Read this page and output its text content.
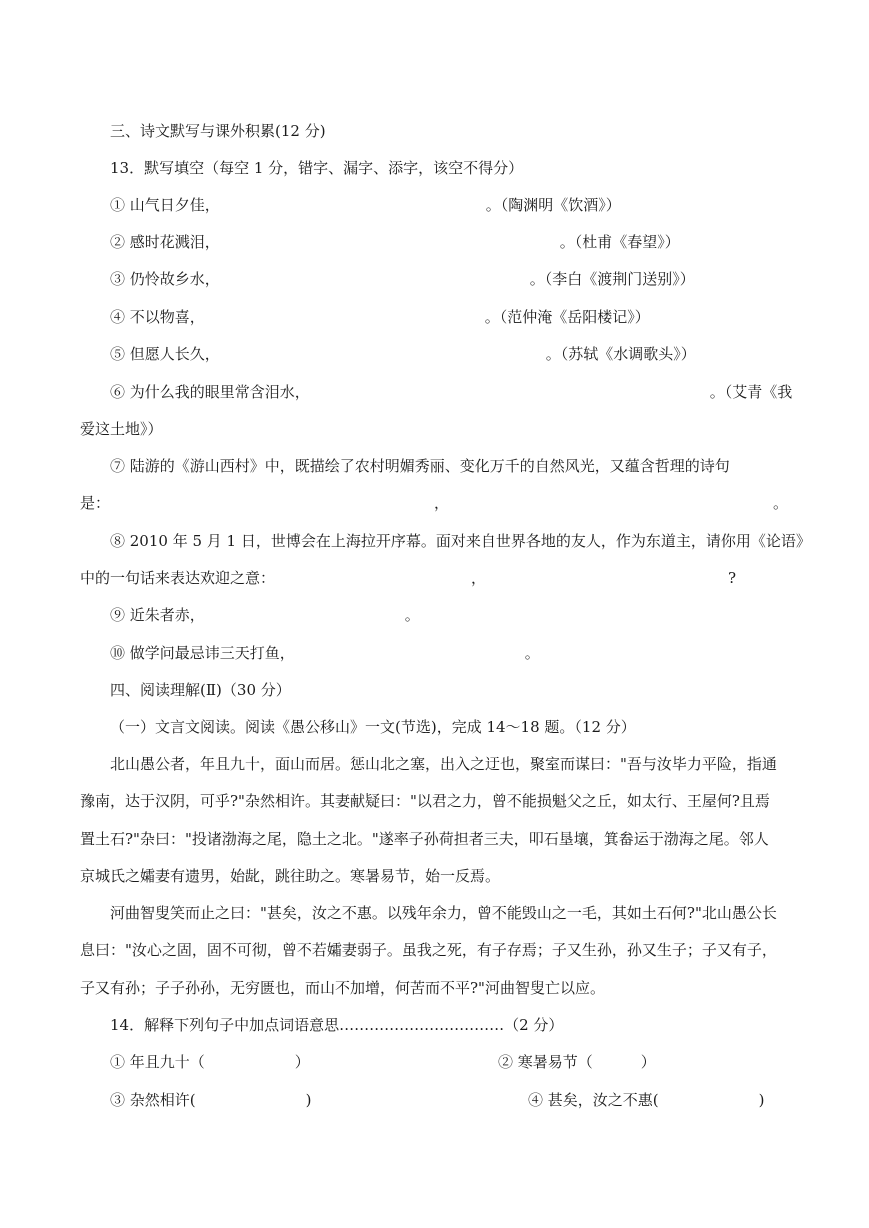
三、诗文默写与课外积累(12 分)
13．默写填空（每空 1 分，错字、漏字、添字，该空不得分）
① 山气日夕佳，	。（陶渊明《饮酒》）
② 感时花溅泪，	。（杜甫《春望》）
③ 仍怜故乡水，	。（李白《渡荆门送别》）
④ 不以物喜，	。（范仲淹《岳阳楼记》）
⑤ 但愿人长久，	。（苏轼《水调歌头》）
⑥ 为什么我的眼里常含泪水，	。（艾青《我
爱这土地》）
⑦ 陆游的《游山西村》中，既描绘了农村明媚秀丽、变化万千的自然风光，又蕴含哲理的诗句
是：	，	。
⑧ 2010 年 5 月 1 日，世博会在上海拉开序幕。面对来自世界各地的友人，作为东道主，请你用《论语》
中的一句话来表达欢迎之意：	，	?
⑨ 近朱者赤，	。
⑩ 做学问最忌讳三天打鱼，	。
四、阅读理解(Ⅱ)（30 分）
（一）文言文阅读。阅读《愚公移山》一文(节选)，完成 14～18 题。（12 分）
北山愚公者，年且九十，面山而居。惩山北之塞，出入之迂也，聚室而谋曰："吾与汝毕力平险，指通
豫南，达于汉阴，可乎?"杂然相许。其妻献疑曰："以君之力，曾不能损魁父之丘，如太行、王屋何?且焉
置土石?"杂曰："投诸渤海之尾，隐土之北。"遂率子孙荷担者三夫，叩石垦壤，箕畚运于渤海之尾。邻人
京城氏之孀妻有遗男，始龀，跳往助之。寒暑易节，始一反焉。
河曲智叟笑而止之曰："甚矣，汝之不惠。以残年余力，曾不能毁山之一毛，其如土石何?"北山愚公长
息曰："汝心之固，固不可彻，曾不若孀妻弱子。虽我之死，有子存焉；子又生孙，孙又生子；子又有子，
子又有孙；子子孙孙，无穷匮也，而山不加增，何苦而不平?"河曲智叟亡以应。
14．解释下列句子中加点词语意思……………………………（2 分）
① 年且九十（	）	② 寒暑易节（	）
③ 杂然相许(	)	④ 甚矣，汝之不惠(	)
